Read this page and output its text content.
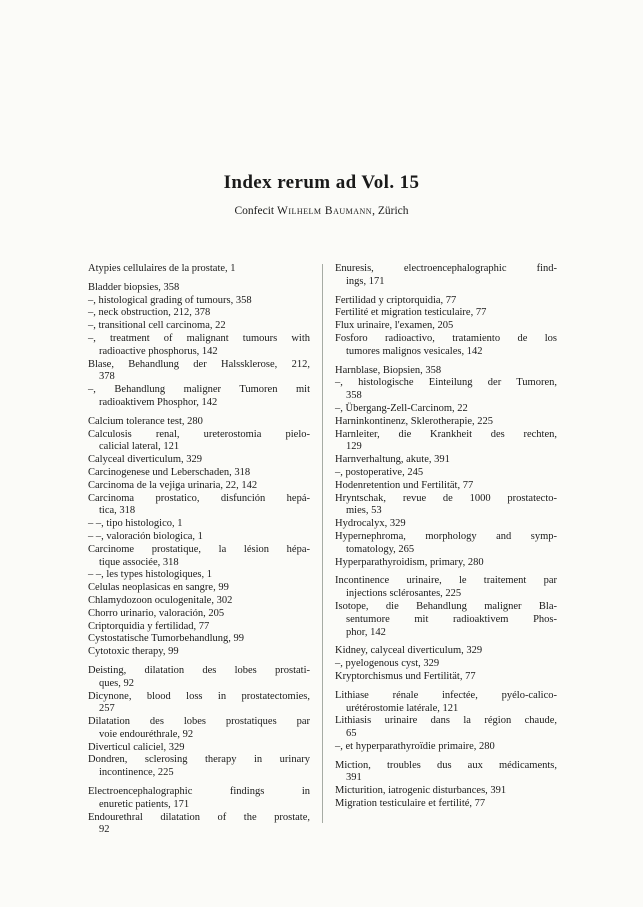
Index rerum ad Vol. 15
Confecit Wilhelm Baumann, Zürich
Atypies cellulaires de la prostate, 1
Bladder biopsies, 358
–, histological grading of tumours, 358
–, neck obstruction, 212, 378
–, transitional cell carcinoma, 22
–, treatment of malignant tumours with
radioactive phosphorus, 142
Blase, Behandlung der Halssklerose, 212,
378
–, Behandlung maligner Tumoren mit
radioaktivem Phosphor, 142
Calcium tolerance test, 280
Calculosis renal, ureterostomia pielo-
calicial lateral, 121
Calyceal diverticulum, 329
Carcinogenese und Leberschaden, 318
Carcinoma de la vejiga urinaria, 22, 142
Carcinoma prostatico, disfunción hepá-
tica, 318
– –, tipo histologico, 1
– –, valoración biologica, 1
Carcinome prostatique, la lésion hépa-
tique associée, 318
– –, les types histologiques, 1
Celulas neoplasicas en sangre, 99
Chlamydozoon oculogenitale, 302
Chorro urinario, valoración, 205
Criptorquidia y fertilidad, 77
Cystostatische Tumorbehandlung, 99
Cytotoxic therapy, 99
Deisting, dilatation des lobes prostati-
ques, 92
Dicynone, blood loss in prostatectomies,
257
Dilatation des lobes prostatiques par
voie endouréthrale, 92
Diverticul caliciel, 329
Dondren, sclerosing therapy in urinary
incontinence, 225
Electroencephalographic findings in
enuretic patients, 171
Endourethral dilatation of the prostate,
92
Enuresis, electroencephalographic find-
ings, 171
Fertilidad y criptorquidia, 77
Fertilité et migration testiculaire, 77
Flux urinaire, l'examen, 205
Fosforo radioactivo, tratamiento de los
tumores malignos vesicales, 142
Harnblase, Biopsien, 358
–, histologische Einteilung der Tumoren,
358
–, Übergang-Zell-Carcinom, 22
Harninkontinenz, Sklerotherapie, 225
Harnleiter, die Krankheit des rechten,
129
Harnverhaltung, akute, 391
–, postoperative, 245
Hodenretention und Fertilität, 77
Hryntschak, revue de 1000 prostatecto-
mies, 53
Hydrocalyx, 329
Hypernephroma, morphology and symp-
tomatology, 265
Hyperparathyroidism, primary, 280
Incontinence urinaire, le traitement par
injections sclérosantes, 225
Isotope, die Behandlung maligner Bla-
sentumore mit radioaktivem Phos-
phor, 142
Kidney, calyceal diverticulum, 329
–, pyelogenous cyst, 329
Kryptorchismus und Fertilität, 77
Lithiase rénale infectée, pyélo-calico-
urétérostomie latérale, 121
Lithiasis urinaire dans la région chaude,
65
–, et hyperparathyroïdie primaire, 280
Miction, troubles dus aux médicaments,
391
Micturition, iatrogenic disturbances, 391
Migration testiculaire et fertilité, 77
